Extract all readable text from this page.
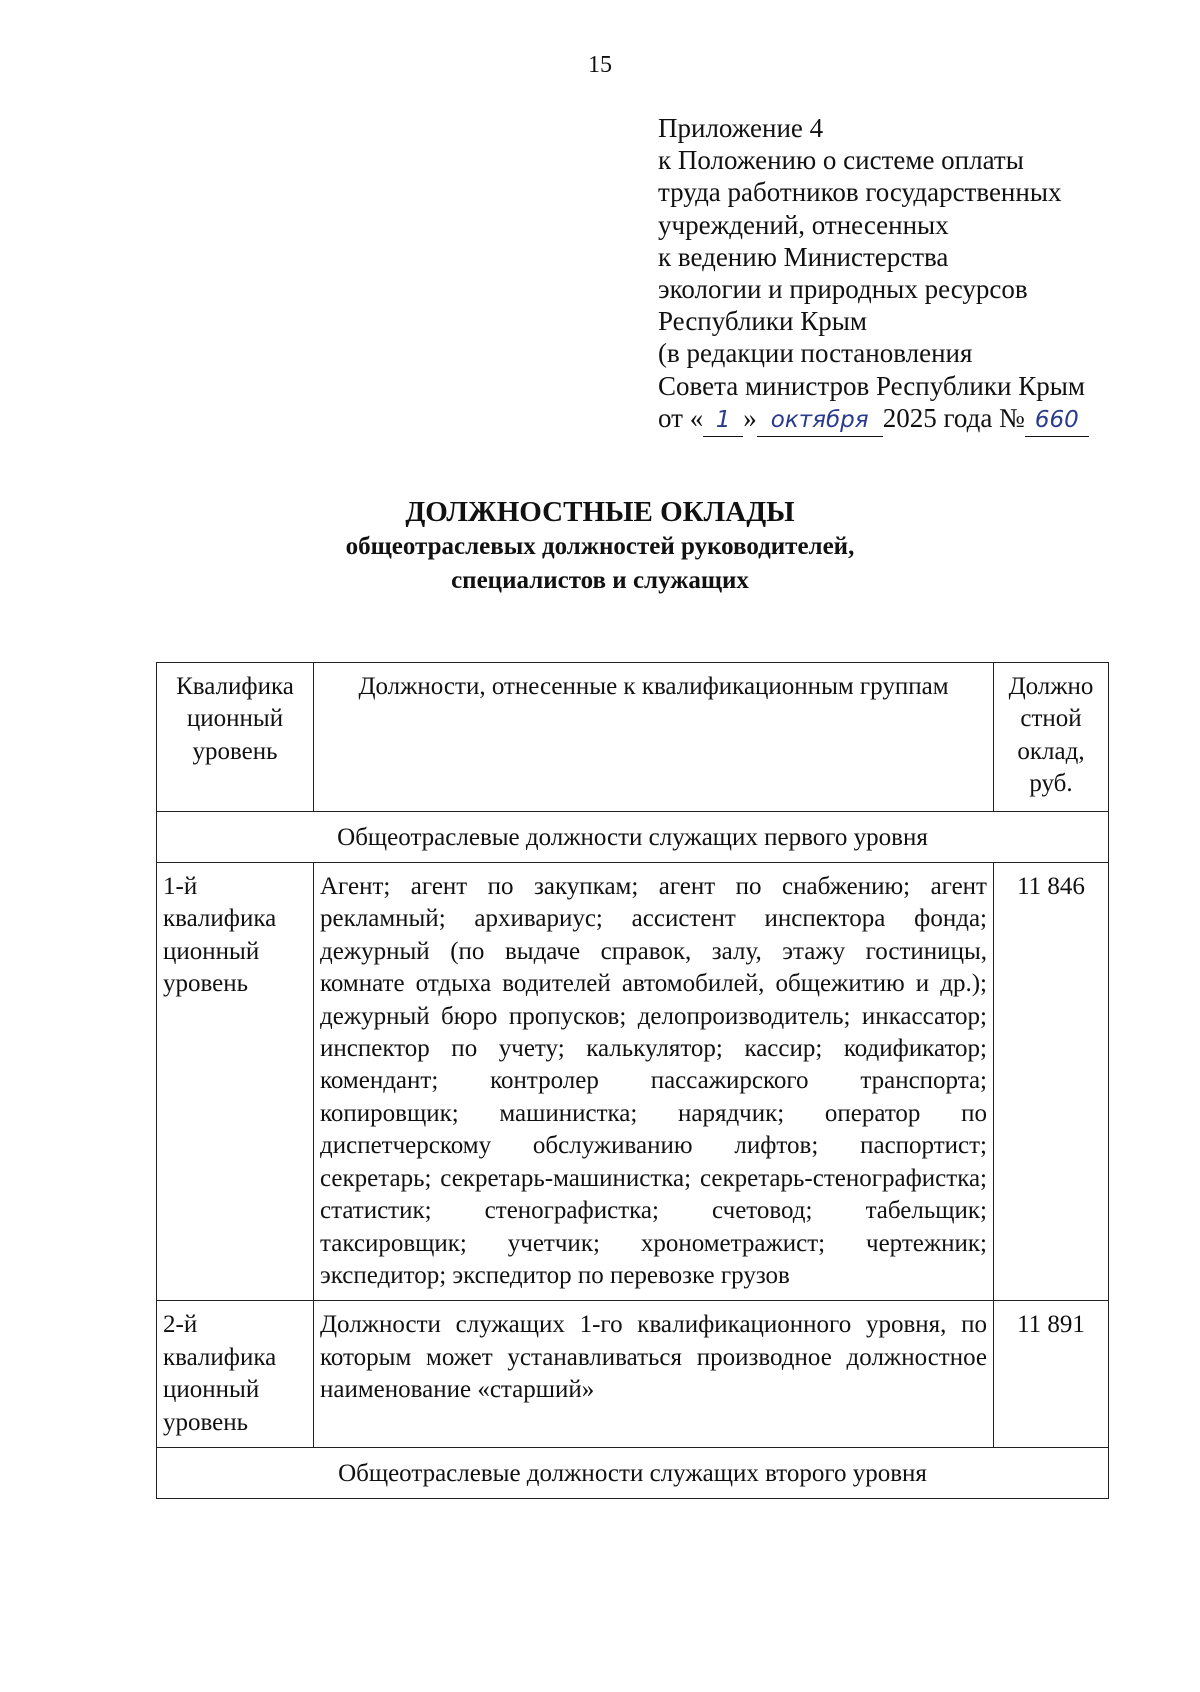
15
Приложение 4
к Положению о системе оплаты
труда работников государственных
учреждений, отнесенных
к ведению Министерства
экологии и природных ресурсов
Республики Крым
(в редакции постановления
Совета министров Республики Крым
от « 1 » октября 2025 года № 660
ДОЛЖНОСТНЫЕ ОКЛАДЫ
общеотраслевых должностей руководителей,
специалистов и служащих
Квалифика ционный уровень	Должности, отнесенные к квалификационным группам	Должно стной оклад, руб.
Общеотраслевые должности служащих первого уровня		
1-й квалифика ционный уровень	Агент; агент по закупкам; агент по снабжению; агент рекламный; архивариус; ассистент инспектора фонда; дежурный (по выдаче справок, залу, этажу гостиницы, комнате отдыха водителей автомобилей, общежитию и др.); дежурный бюро пропусков; делопроизводитель; инкассатор; инспектор по учету; калькулятор; кассир; кодификатор; комендант; контролер пассажирского транспорта; копировщик; машинистка; нарядчик; оператор по диспетчерскому обслуживанию лифтов; паспортист; секретарь; секретарь-машинистка; секретарь-стенографистка; статистик; стенографистка; счетовод; табельщик; таксировщик; учетчик; хронометражист; чертежник; экспедитор; экспедитор по перевозке грузов	11 846
2-й квалифика ционный уровень	Должности служащих 1-го квалификационного уровня, по которым может устанавливаться производное должностное наименование «старший»	11 891
Общеотраслевые должности служащих второго уровня		
